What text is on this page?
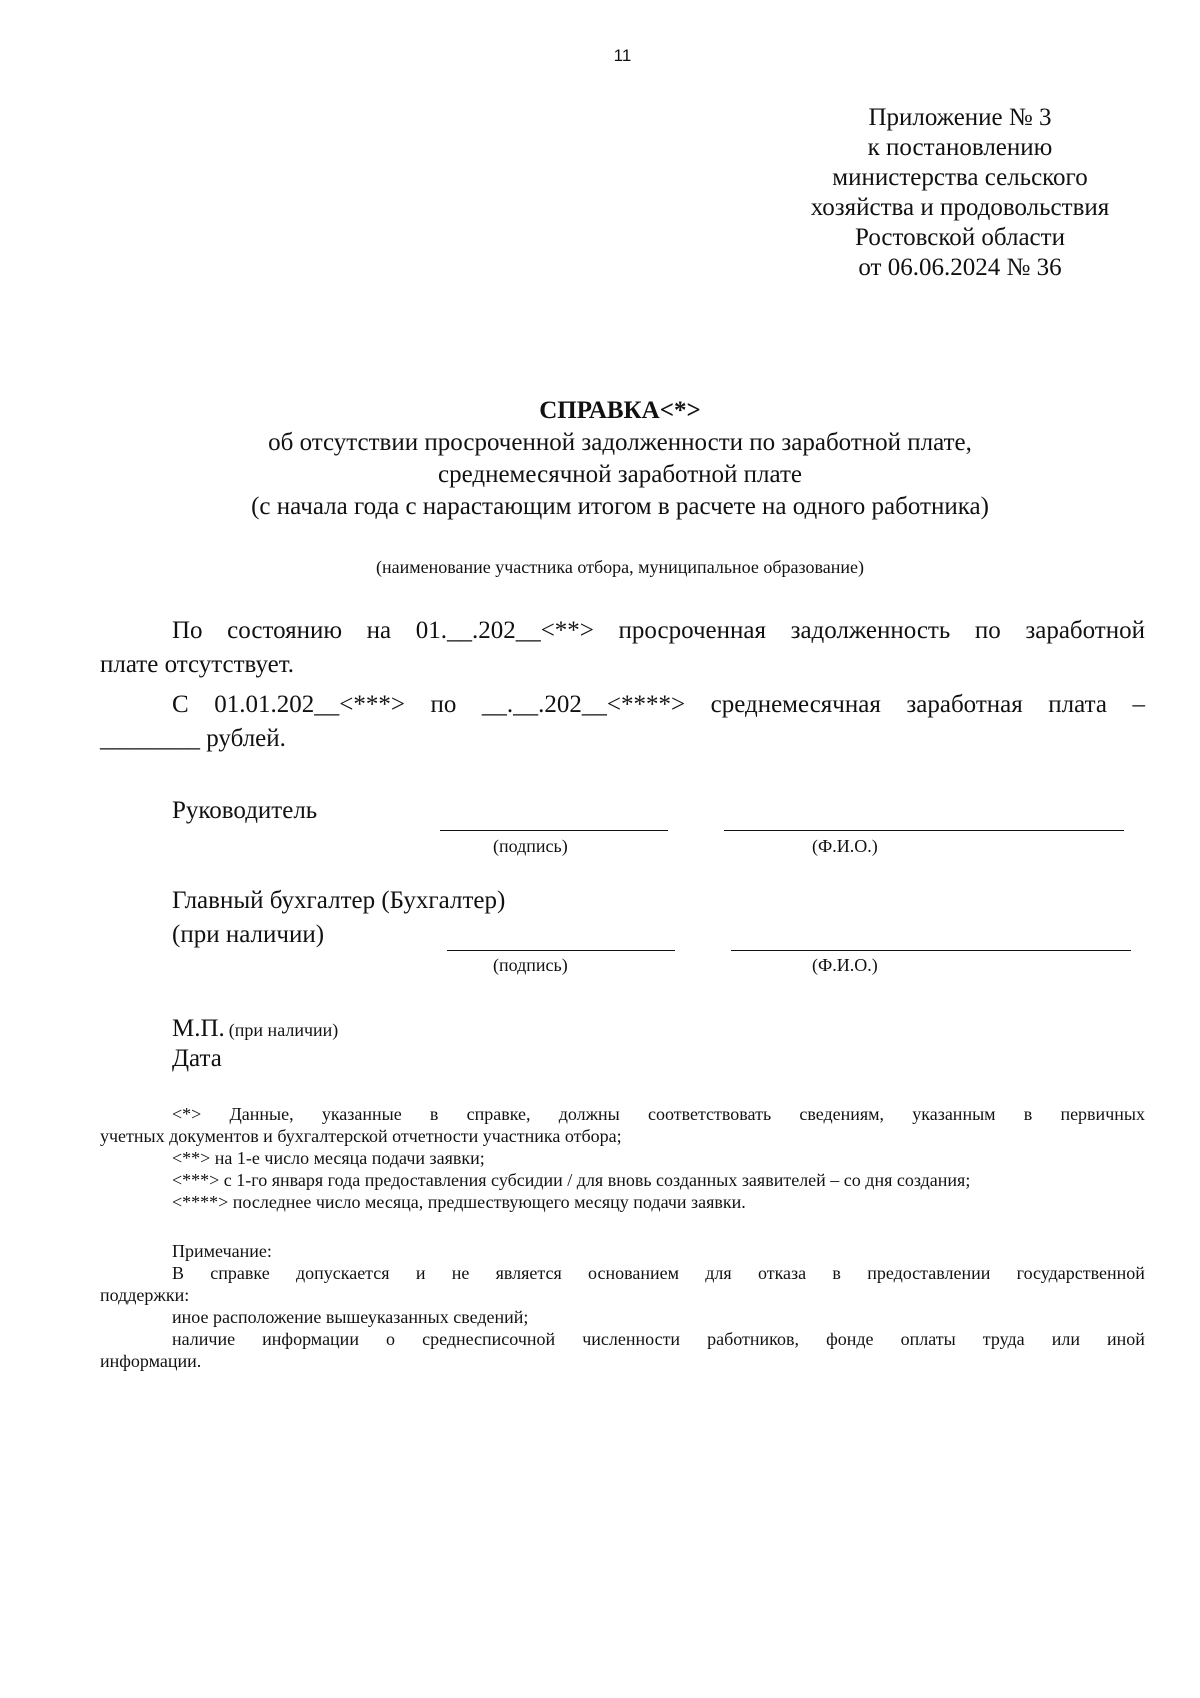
11
Приложение № 3
к постановлению
министерства сельского
хозяйства и продовольствия
Ростовской области
от 06.06.2024 № 36
СПРАВКА<*>
об отсутствии просроченной задолженности по заработной плате,
среднемесячной заработной плате
(с начала года с нарастающим итогом в расчете на одного работника)
(наименование участника отбора, муниципальное образование)
По состоянию на 01.__.202__<**> просроченная задолженность по заработной
плате отсутствует.
С 01.01.202__<***> по __.__.202__<****> среднемесячная заработная плата –
________ рублей.
Руководитель
(подпись)	(Ф.И.О.)
Главный бухгалтер (Бухгалтер)
(при наличии)
(подпись)	(Ф.И.О.)
М.П. (при наличии)
Дата
<*> Данные, указанные в справке, должны соответствовать сведениям, указанным в первичных
учетных документов и бухгалтерской отчетности участника отбора;
<**> на 1-е число месяца подачи заявки;
<***> с 1-го января года предоставления субсидии / для вновь созданных заявителей – со дня создания;
<****> последнее число месяца, предшествующего месяцу подачи заявки.
Примечание:
В справке допускается и не является основанием для отказа в предоставлении государственной
поддержки:
иное расположение вышеуказанных сведений;
наличие информации о среднесписочной численности работников, фонде оплаты труда или иной
информации.
